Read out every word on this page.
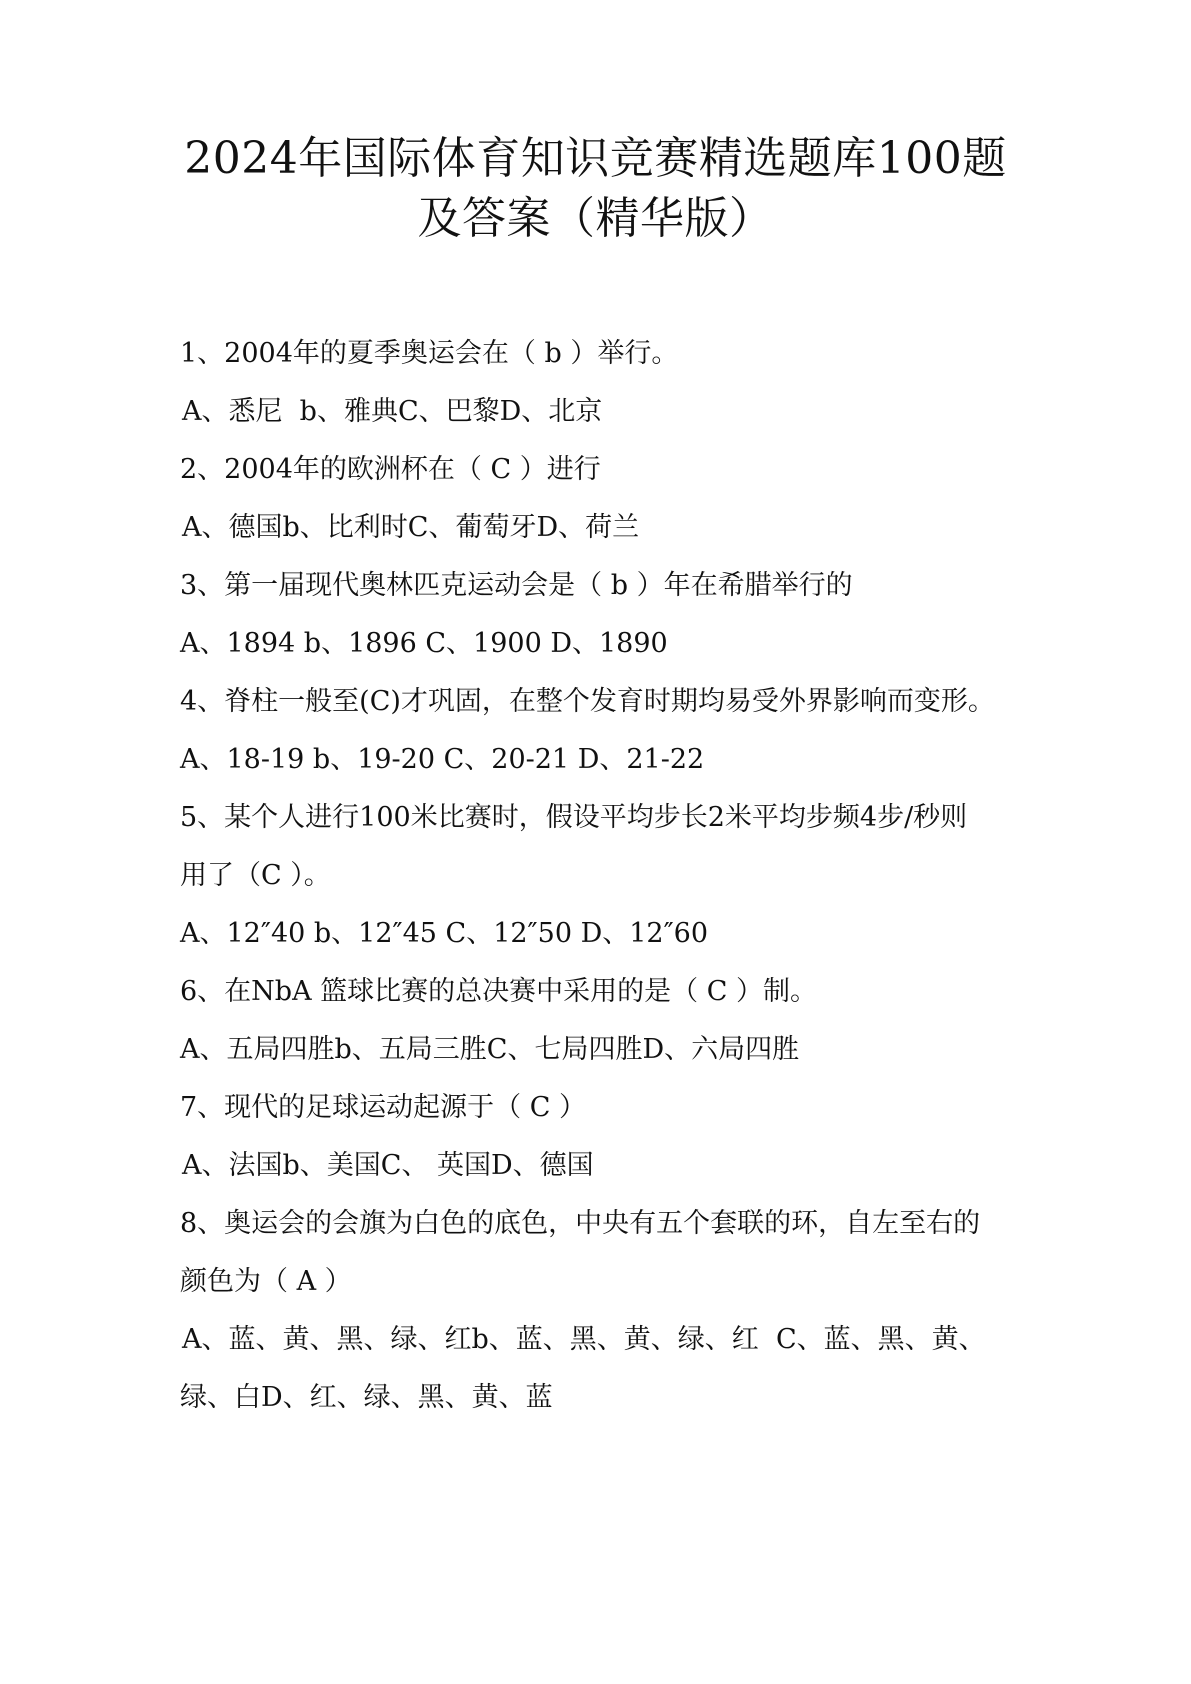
2024年国际体育知识竞赛精选题库100题
及答案（精华版）
1、2004年的夏季奥运会在（ b ）举行。
A、悉尼  b、雅典C、巴黎D、北京
2、2004年的欧洲杯在（ C ）进行
A、德国b、比利时C、葡萄牙D、荷兰
3、第一届现代奥林匹克运动会是（ b ）年在希腊举行的
A、1894 b、1896 C、1900 D、1890
4、脊柱一般至(C)才巩固，在整个发育时期均易受外界影响而变形。
A、18-19 b、19-20 C、20-21 D、21-22
5、某个人进行100米比赛时，假设平均步长2米平均步频4步/秒则
用了（C ）。
A、12″40 b、12″45 C、12″50 D、12″60
6、在NbA 篮球比赛的总决赛中采用的是（ C ）制。
A、五局四胜b、五局三胜C、七局四胜D、六局四胜
7、现代的足球运动起源于（ C ）
A、法国b、美国C、 英国D、德国
8、奥运会的会旗为白色的底色，中央有五个套联的环，自左至右的
颜色为（ A ）
A、蓝、黄、黑、绿、红b、蓝、黑、黄、绿、红  C、蓝、黑、黄、
绿、白D、红、绿、黑、黄、蓝
